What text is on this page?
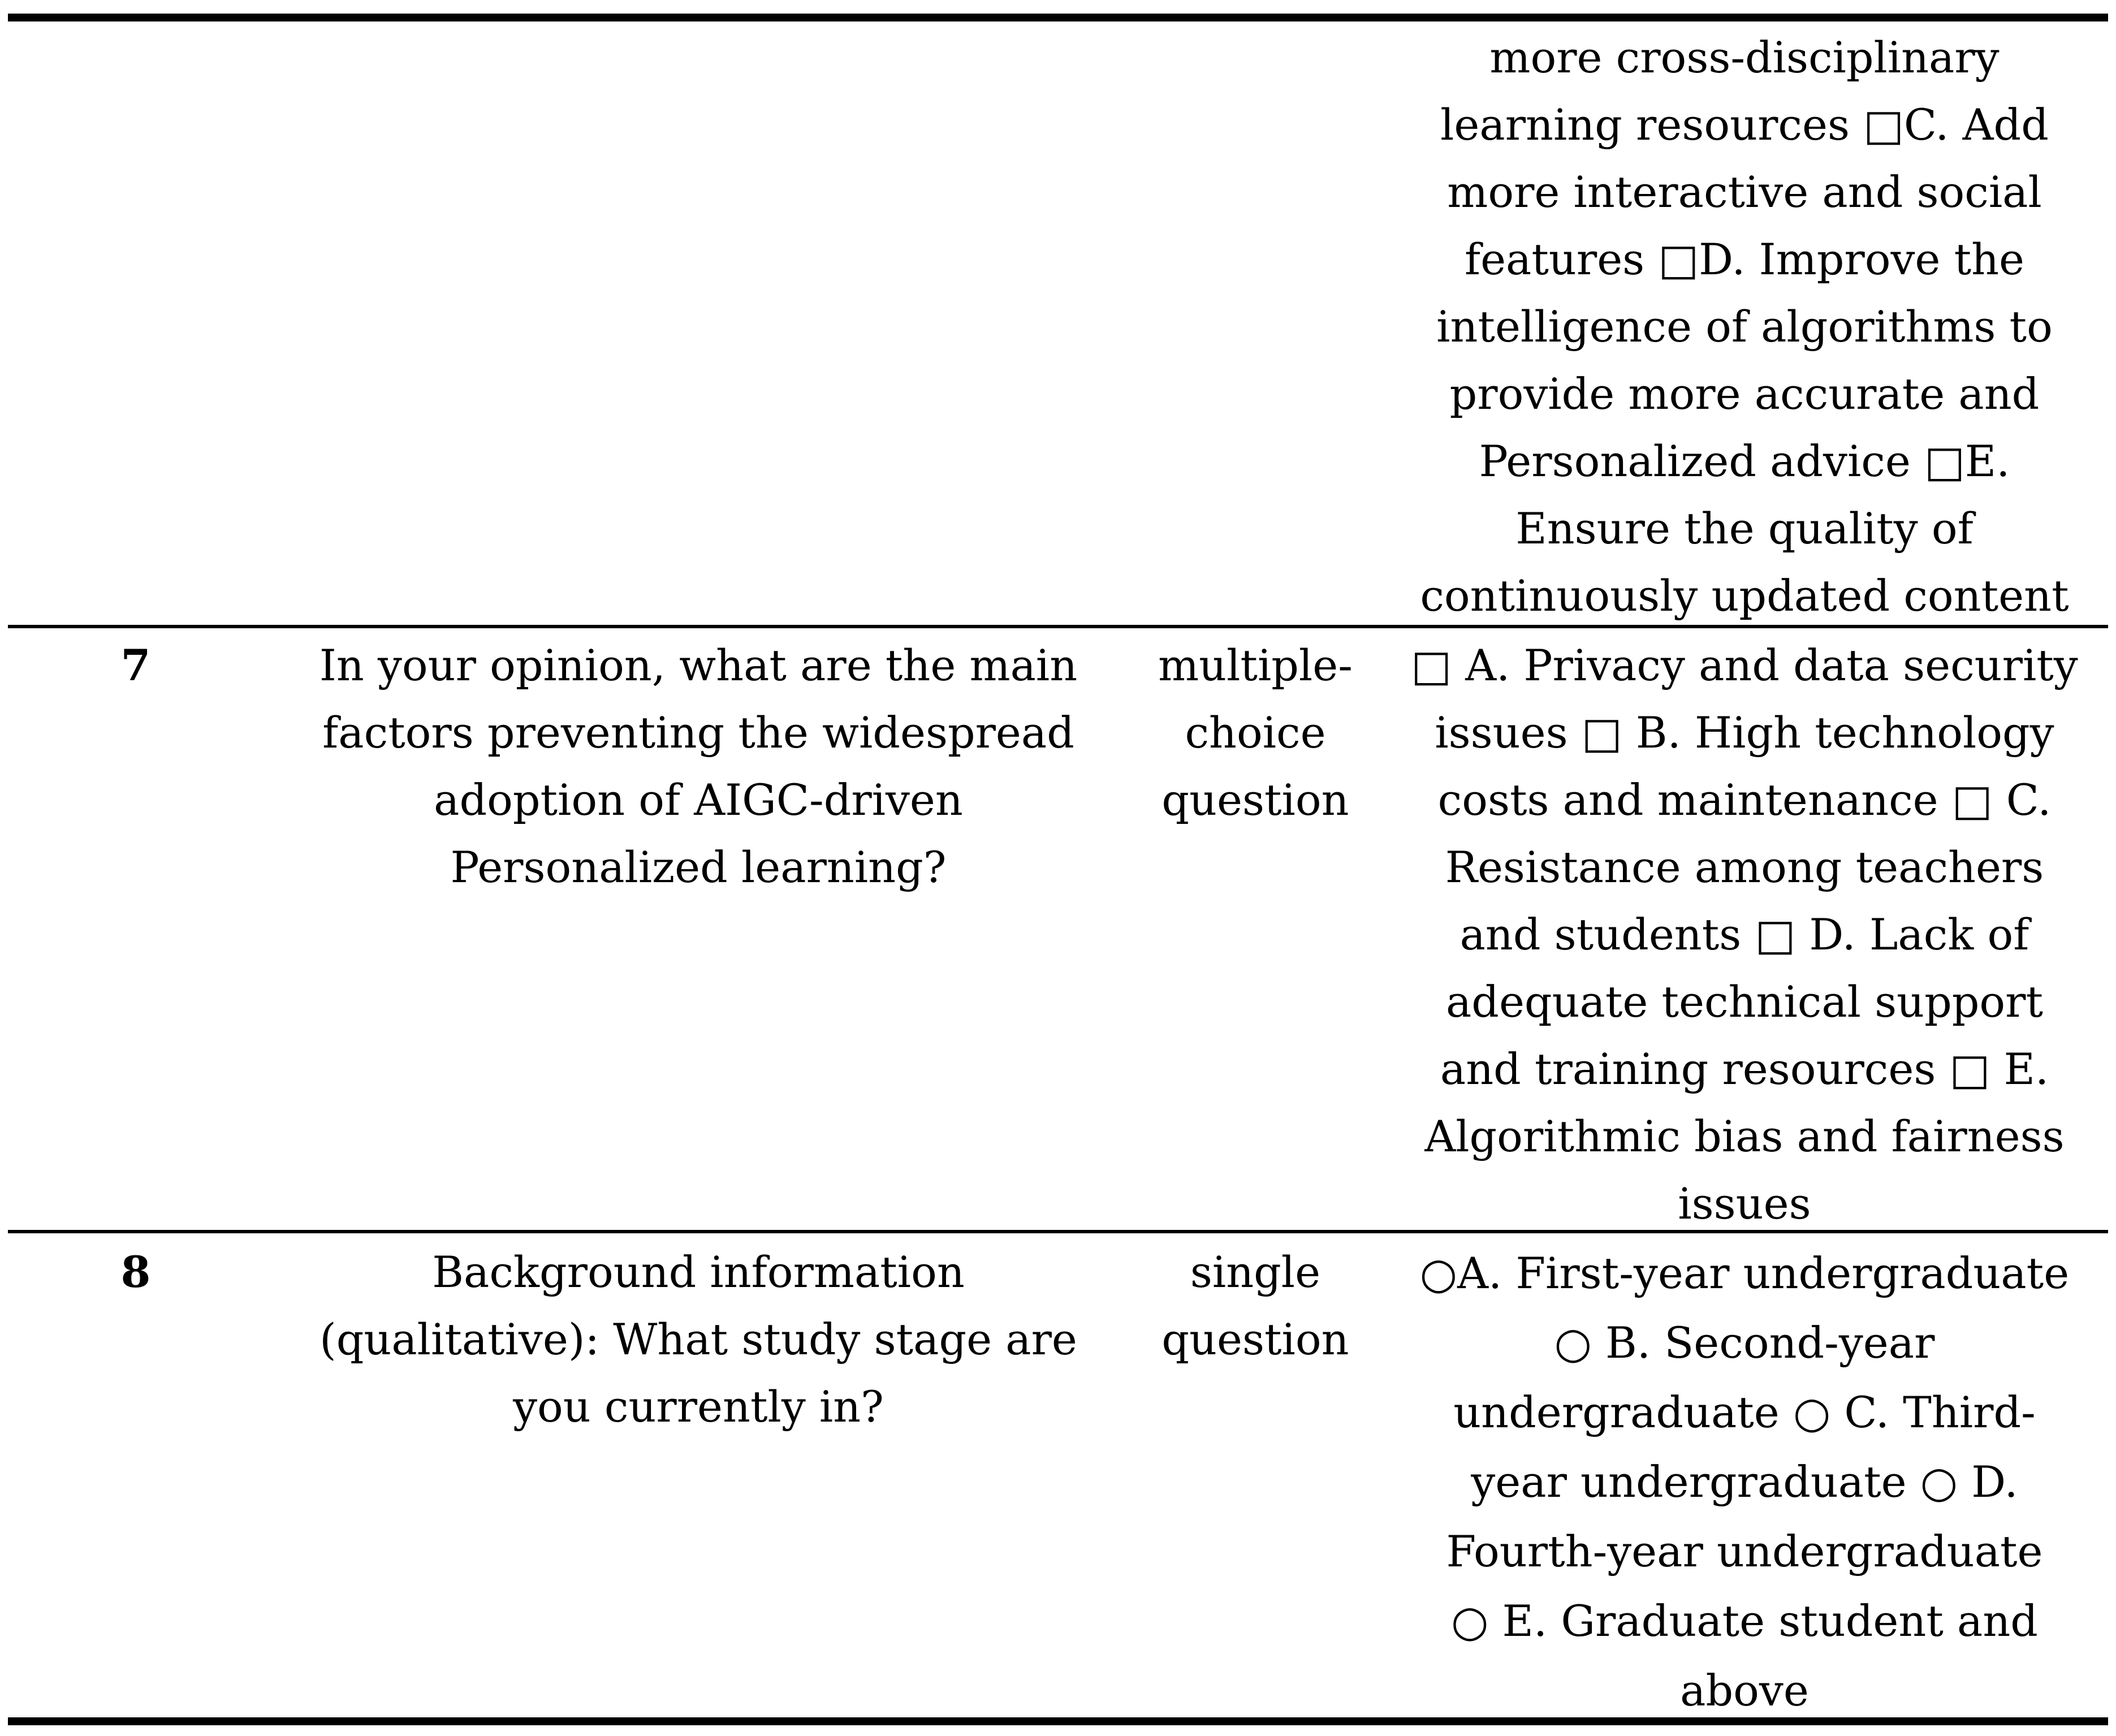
more cross-disciplinary
learning resources □C. Add
more interactive and social
features □D. Improve the
intelligence of algorithms to
provide more accurate and
Personalized advice □E.
Ensure the quality of
continuously updated content
7	In your opinion, what are the main
factors preventing the widespread
adoption of AIGC-driven
Personalized learning?
multiple-
choice
question
□ A. Privacy and data security
issues □ B. High technology
costs and maintenance □ C.
Resistance among teachers
and students □ D. Lack of
adequate technical support
and training resources □ E.
Algorithmic bias and fairness
issues
8	Background information
(qualitative): What study stage are
you currently in?
single
question
○A. First-year undergraduate
○ B. Second-year
undergraduate ○ C. Third-
year undergraduate ○ D.
Fourth-year undergraduate
○ E. Graduate student and
above
